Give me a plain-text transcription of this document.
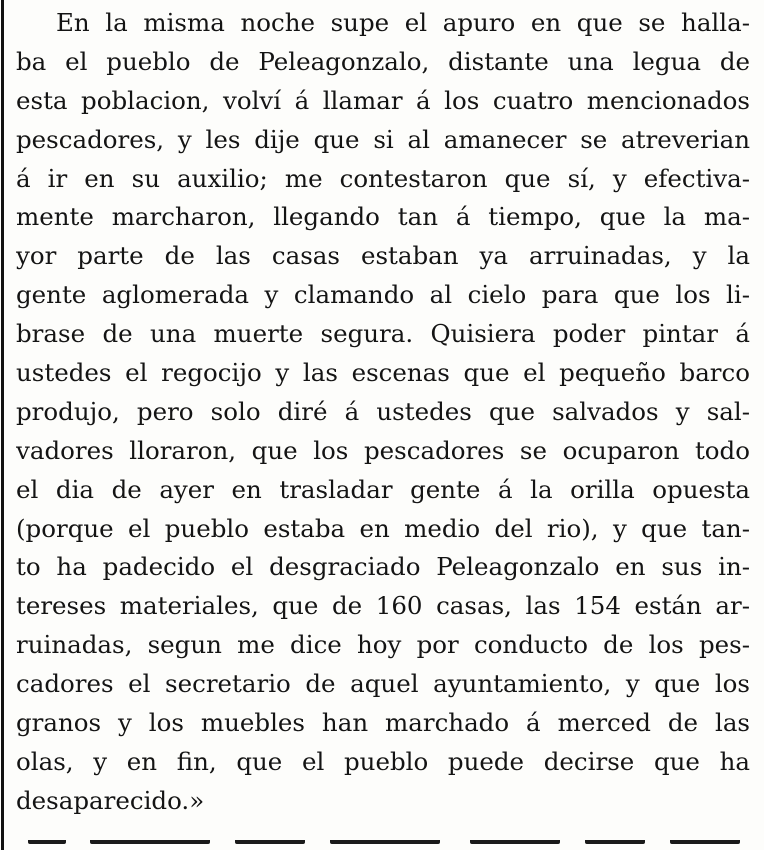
En la misma noche supe el apuro en que se halla-
ba el pueblo de Peleagonzalo, distante una legua de
esta poblacion, volví á llamar á los cuatro mencionados
pescadores, y les dije que si al amanecer se atreverian
á ir en su auxilio; me contestaron que sí, y efectiva-
mente marcharon, llegando tan á tiempo, que la ma-
yor parte de las casas estaban ya arruinadas, y la
gente aglomerada y clamando al cielo para que los li-
brase de una muerte segura. Quisiera poder pintar á
ustedes el regocijo y las escenas que el pequeño barco
produjo, pero solo diré á ustedes que salvados y sal-
vadores lloraron, que los pescadores se ocuparon todo
el dia de ayer en trasladar gente á la orilla opuesta
(porque el pueblo estaba en medio del rio), y que tan-
to ha padecido el desgraciado Peleagonzalo en sus in-
tereses materiales, que de 160 casas, las 154 están ar-
ruinadas, segun me dice hoy por conducto de los pes-
cadores el secretario de aquel ayuntamiento, y que los
granos y los muebles han marchado á merced de las
olas, y en fin, que el pueblo puede decirse que ha
desaparecido.»
